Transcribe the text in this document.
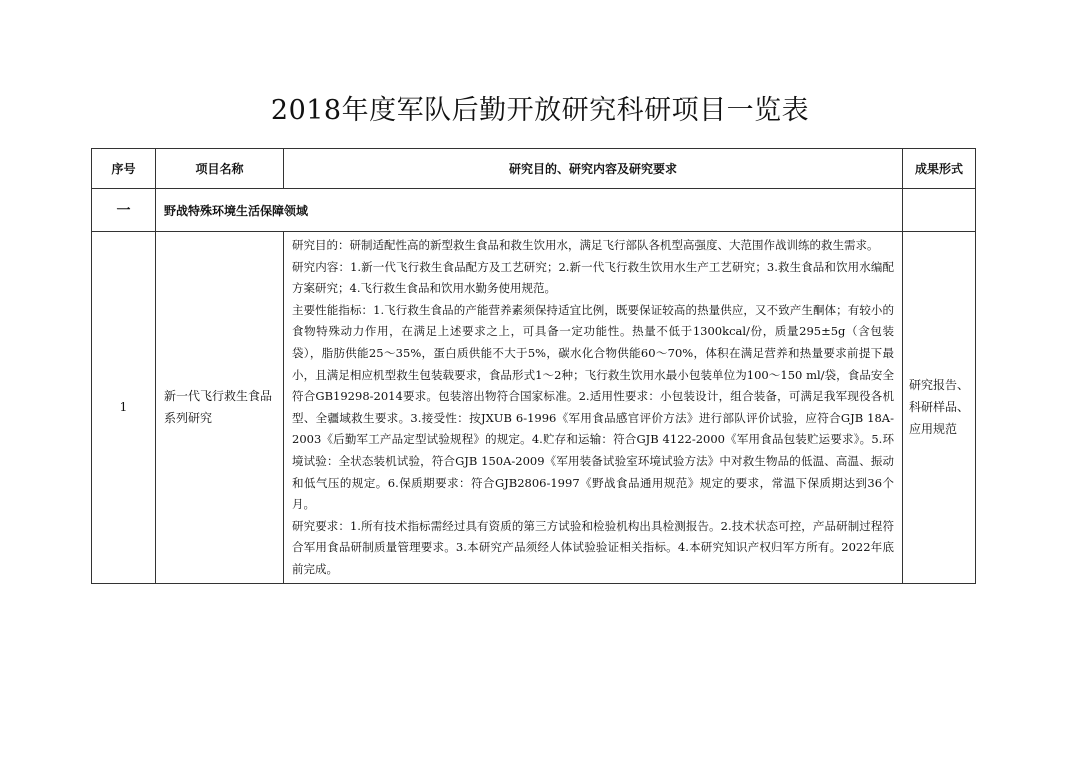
2018年度军队后勤开放研究科研项目一览表
序号	项目名称	研究目的、研究内容及研究要求	成果形式
一	野战特殊环境生活保障领域		
1	新一代飞行救生食品系列研究	研究目的：研制适配性高的新型救生食品和救生饮用水，满足飞行部队各机型高强度、大范围作战训练的救生需求。

研究内容：1.新一代飞行救生食品配方及工艺研究；2.新一代飞行救生饮用水生产工艺研究；3.救生食品和饮用水编配方案研究；4.飞行救生食品和饮用水勤务使用规范。

主要性能指标：1.飞行救生食品的产能营养素须保持适宜比例，既要保证较高的热量供应，又不致产生酮体；有较小的食物特殊动力作用，在满足上述要求之上，可具备一定功能性。热量不低于1300kcal/份，质量295±5g（含包装袋），脂肪供能25～35%，蛋白质供能不大于5%，碳水化合物供能60～70%，体积在满足营养和热量要求前提下最小，且满足相应机型救生包装载要求，食品形式1～2种；飞行救生饮用水最小包装单位为100～150 ml/袋，食品安全符合GB19298-2014要求。包装溶出物符合国家标准。2.适用性要求：小包装设计，组合装备，可满足我军现役各机型、全疆域救生要求。3.接受性：按JXUB 6-1996《军用食品感官评价方法》进行部队评价试验，应符合GJB 18A-2003《后勤军工产品定型试验规程》的规定。4.贮存和运输：符合GJB 4122-2000《军用食品包装贮运要求》。5.环境试验：全状态装机试验，符合GJB 150A-2009《军用装备试验室环境试验方法》中对救生物品的低温、高温、振动和低气压的规定。6.保质期要求：符合GJB2806-1997《野战食品通用规范》规定的要求，常温下保质期达到36个月。

研究要求：1.所有技术指标需经过具有资质的第三方试验和检验机构出具检测报告。2.技术状态可控，产品研制过程符合军用食品研制质量管理要求。3.本研究产品须经人体试验验证相关指标。4.本研究知识产权归军方所有。2022年底前完成。	研究报告、科研样品、应用规范
